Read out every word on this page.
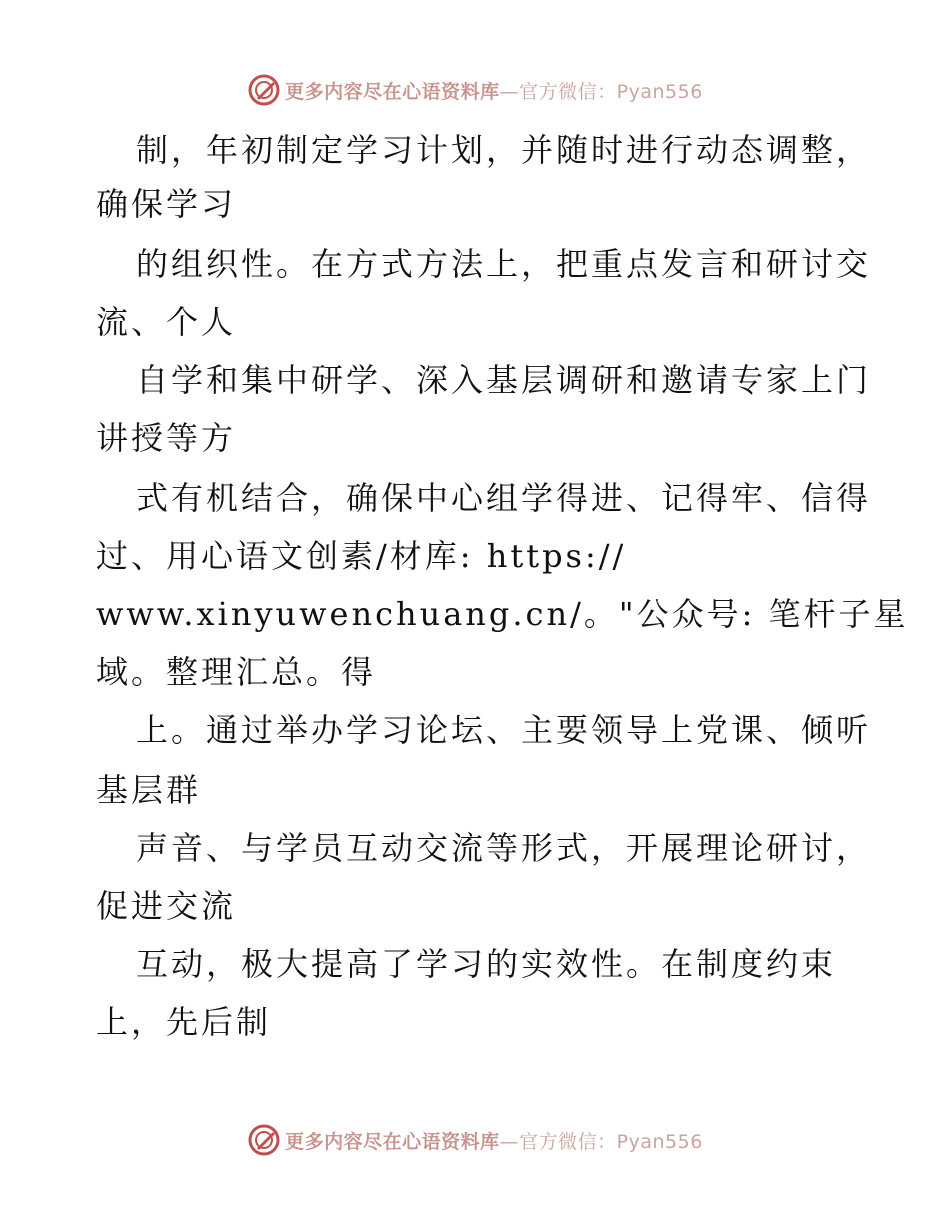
更多内容尽在心语资料库—官方微信：Pyan556
制，年初制定学习计划，并随时进行动态调整，
确保学习
的组织性。在方式方法上，把重点发言和研讨交
流、个人
自学和集中研学、深入基层调研和邀请专家上门
讲授等方
式有机结合，确保中心组学得进、记得牢、信得
过、用心语文创素/材库: https://
www.xinyuwenchuang.cn/。"公众号: 笔杆子星
域。整理汇总。得
上。通过举办学习论坛、主要领导上党课、倾听
基层群
声音、与学员互动交流等形式，开展理论研讨，
促进交流
互动，极大提高了学习的实效性。在制度约束
上，先后制
更多内容尽在心语资料库—官方微信：Pyan556
